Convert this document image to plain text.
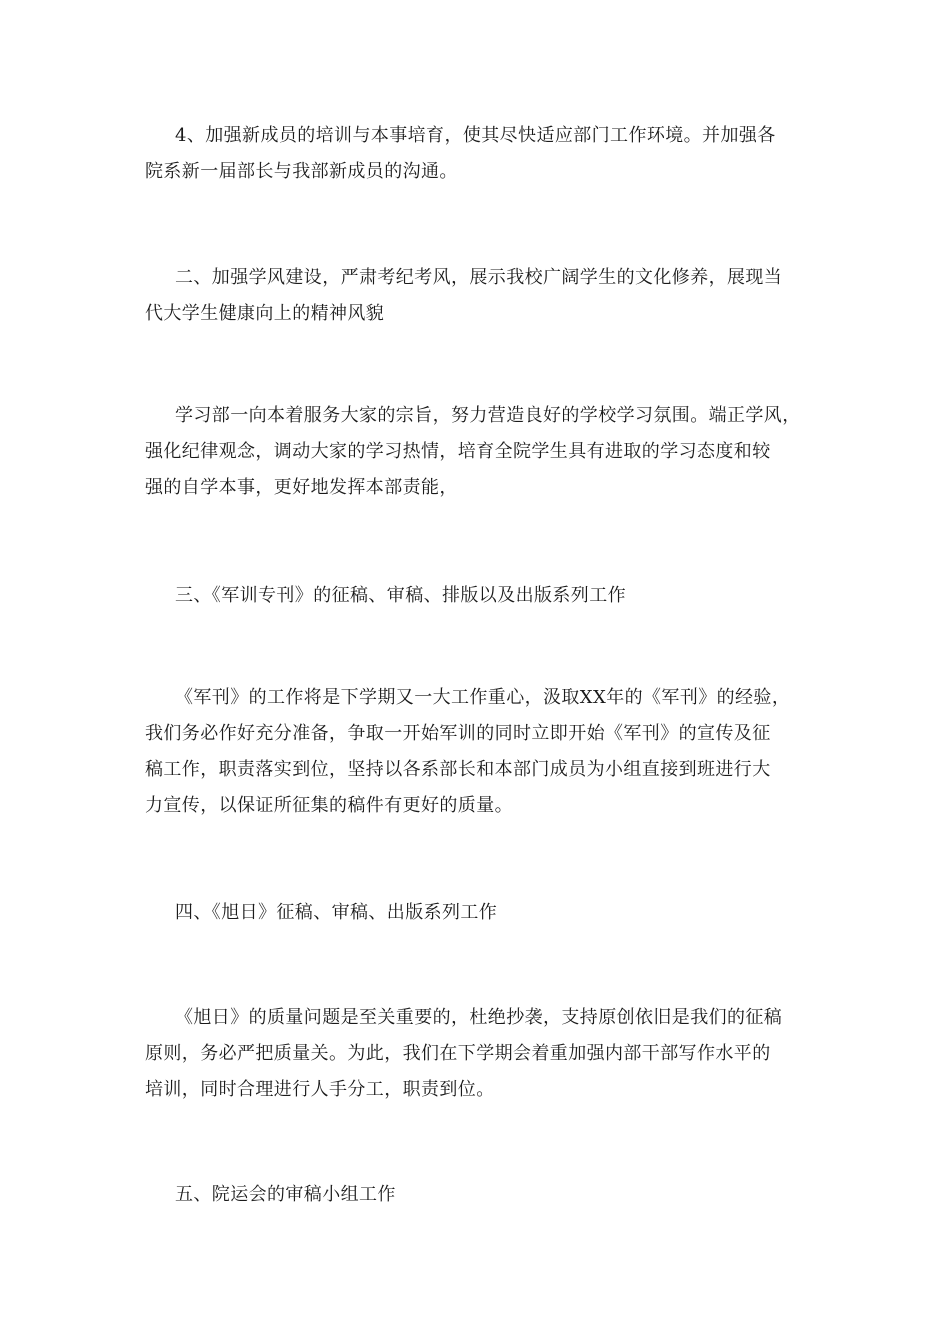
4、加强新成员的培训与本事培育，使其尽快适应部门工作环境。并加强各
院系新一届部长与我部新成员的沟通。

二、加强学风建设，严肃考纪考风，展示我校广阔学生的文化修养，展现当
代大学生健康向上的精神风貌

学习部一向本着服务大家的宗旨，努力营造良好的学校学习氛围。端正学风，
强化纪律观念，调动大家的学习热情，培育全院学生具有进取的学习态度和较
强的自学本事，更好地发挥本部责能，

三、《军训专刊》的征稿、审稿、排版以及出版系列工作

《军刊》的工作将是下学期又一大工作重心，汲取XX年的《军刊》的经验，
我们务必作好充分准备，争取一开始军训的同时立即开始《军刊》的宣传及征
稿工作，职责落实到位，坚持以各系部长和本部门成员为小组直接到班进行大
力宣传，以保证所征集的稿件有更好的质量。

四、《旭日》征稿、审稿、出版系列工作

《旭日》的质量问题是至关重要的，杜绝抄袭，支持原创依旧是我们的征稿
原则，务必严把质量关。为此，我们在下学期会着重加强内部干部写作水平的
培训，同时合理进行人手分工，职责到位。

五、院运会的审稿小组工作
